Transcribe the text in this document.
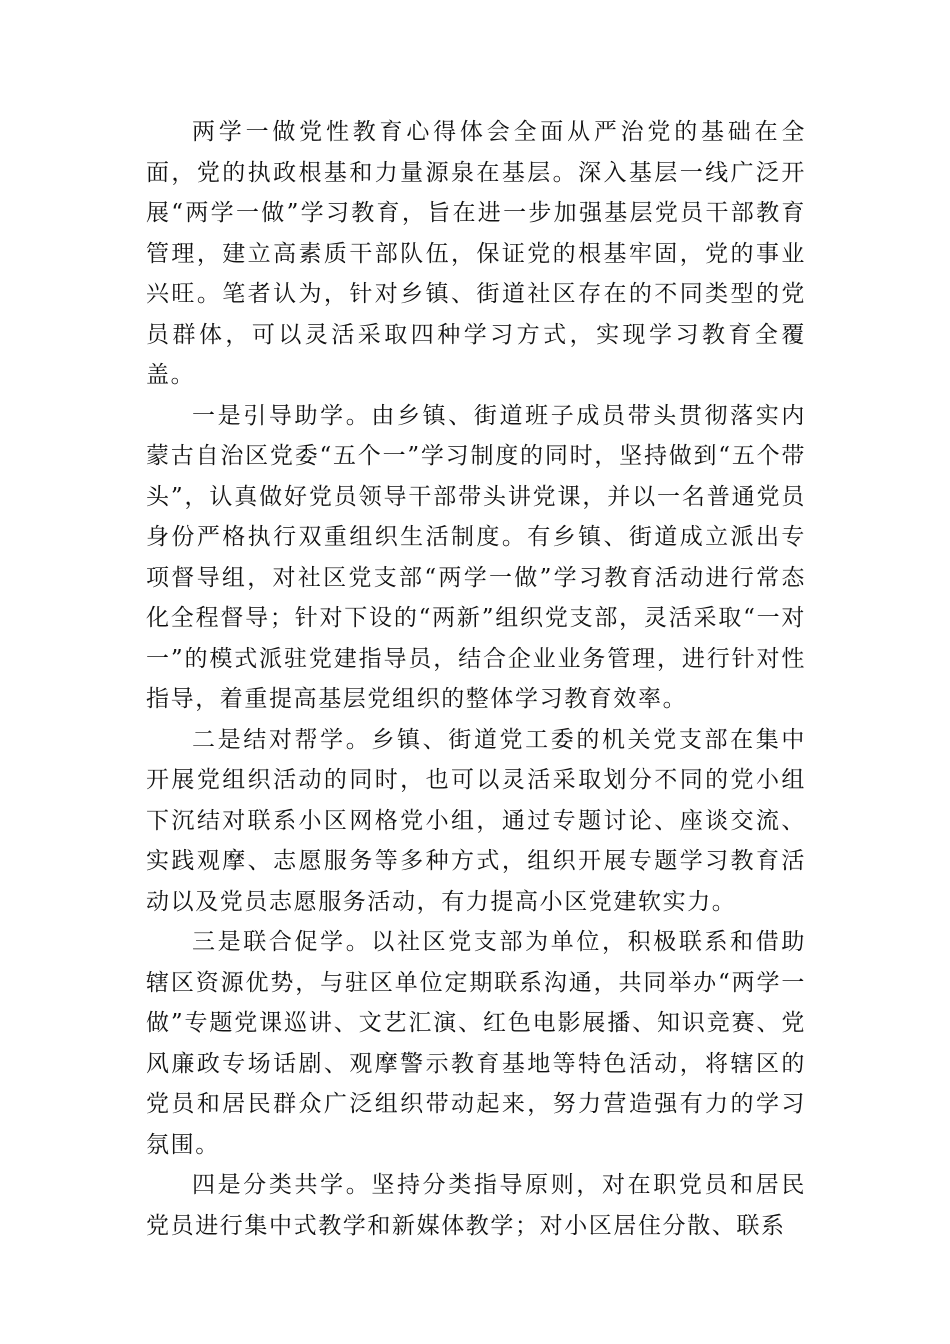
两学一做党性教育心得体会全面从严治党的基础在全面，党的执政根基和力量源泉在基层。深入基层一线广泛开展“两学一做”学习教育，旨在进一步加强基层党员干部教育管理，建立高素质干部队伍，保证党的根基牢固，党的事业兴旺。笔者认为，针对乡镇、街道社区存在的不同类型的党员群体，可以灵活采取四种学习方式，实现学习教育全覆盖。

一是引导助学。由乡镇、街道班子成员带头贯彻落实内蒙古自治区党委“五个一”学习制度的同时，坚持做到“五个带头”，认真做好党员领导干部带头讲党课，并以一名普通党员身份严格执行双重组织生活制度。有乡镇、街道成立派出专项督导组，对社区党支部“两学一做”学习教育活动进行常态化全程督导；针对下设的“两新”组织党支部，灵活采取“一对一”的模式派驻党建指导员，结合企业业务管理，进行针对性指导，着重提高基层党组织的整体学习教育效率。

二是结对帮学。乡镇、街道党工委的机关党支部在集中开展党组织活动的同时，也可以灵活采取划分不同的党小组下沉结对联系小区网格党小组，通过专题讨论、座谈交流、实践观摩、志愿服务等多种方式，组织开展专题学习教育活动以及党员志愿服务活动，有力提高小区党建软实力。

三是联合促学。以社区党支部为单位，积极联系和借助辖区资源优势，与驻区单位定期联系沟通，共同举办“两学一做”专题党课巡讲、文艺汇演、红色电影展播、知识竞赛、党风廉政专场话剧、观摩警示教育基地等特色活动，将辖区的党员和居民群众广泛组织带动起来，努力营造强有力的学习氛围。

四是分类共学。坚持分类指导原则，对在职党员和居民党员进行集中式教学和新媒体教学；对小区居住分散、联系
